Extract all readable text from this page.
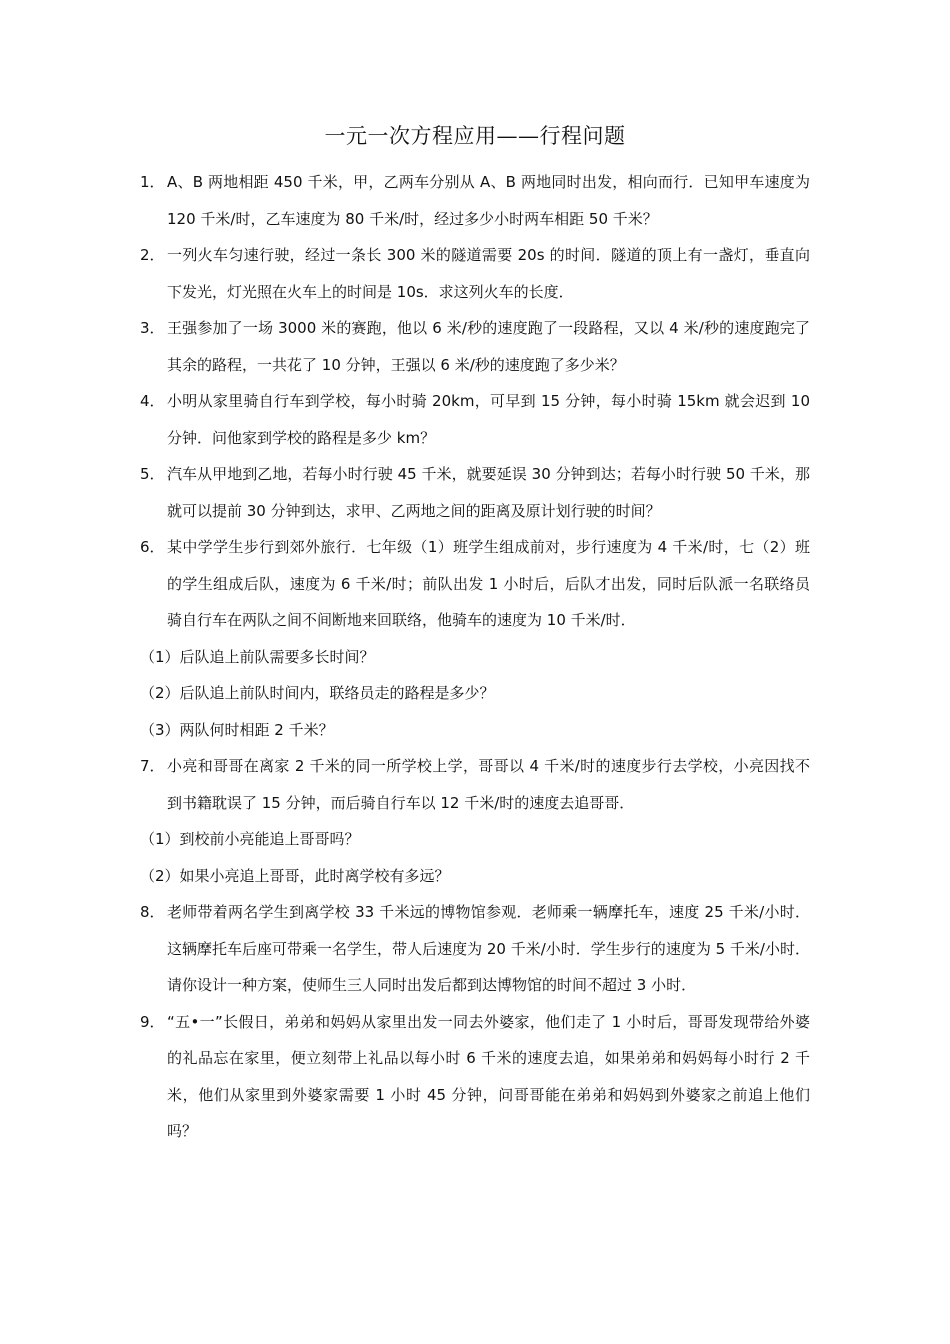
一元一次方程应用——行程问题
1． A、B 两地相距 450 千米，甲，乙两车分别从 A、B 两地同时出发，相向而行．已知甲车速度为 120 千米/时，乙车速度为 80 千米/时，经过多少小时两车相距 50 千米？
2． 一列火车匀速行驶，经过一条长 300 米的隧道需要 20s 的时间．隧道的顶上有一盏灯，垂直向下发光，灯光照在火车上的时间是 10s．求这列火车的长度．
3． 王强参加了一场 3000 米的赛跑，他以 6 米/秒的速度跑了一段路程，又以 4 米/秒的速度跑完了其余的路程，一共花了 10 分钟，王强以 6 米/秒的速度跑了多少米？
4． 小明从家里骑自行车到学校，每小时骑 20km，可早到 15 分钟，每小时骑 15km 就会迟到 10 分钟．问他家到学校的路程是多少 km？
5． 汽车从甲地到乙地，若每小时行驶 45 千米，就要延误 30 分钟到达；若每小时行驶 50 千米，那就可以提前 30 分钟到达，求甲、乙两地之间的距离及原计划行驶的时间？
6． 某中学学生步行到郊外旅行．七年级（1）班学生组成前对，步行速度为 4 千米/时，七（2）班的学生组成后队，速度为 6 千米/时；前队出发 1 小时后，后队才出发，同时后队派一名联络员骑自行车在两队之间不间断地来回联络，他骑车的速度为 10 千米/时．
（1）后队追上前队需要多长时间？
（2）后队追上前队时间内，联络员走的路程是多少？
（3）两队何时相距 2 千米？
7． 小亮和哥哥在离家 2 千米的同一所学校上学，哥哥以 4 千米/时的速度步行去学校，小亮因找不到书籍耽误了 15 分钟，而后骑自行车以 12 千米/时的速度去追哥哥．
（1）到校前小亮能追上哥哥吗？
（2）如果小亮追上哥哥，此时离学校有多远？
8． 老师带着两名学生到离学校 33 千米远的博物馆参观．老师乘一辆摩托车，速度 25 千米/小时．这辆摩托车后座可带乘一名学生，带人后速度为 20 千米/小时．学生步行的速度为 5 千米/小时．请你设计一种方案，使师生三人同时出发后都到达博物馆的时间不超过 3 小时．
9． “五•一”长假日，弟弟和妈妈从家里出发一同去外婆家，他们走了 1 小时后，哥哥发现带给外婆的礼品忘在家里，便立刻带上礼品以每小时 6 千米的速度去追，如果弟弟和妈妈每小时行 2 千米，他们从家里到外婆家需要 1 小时 45 分钟，问哥哥能在弟弟和妈妈到外婆家之前追上他们吗？
